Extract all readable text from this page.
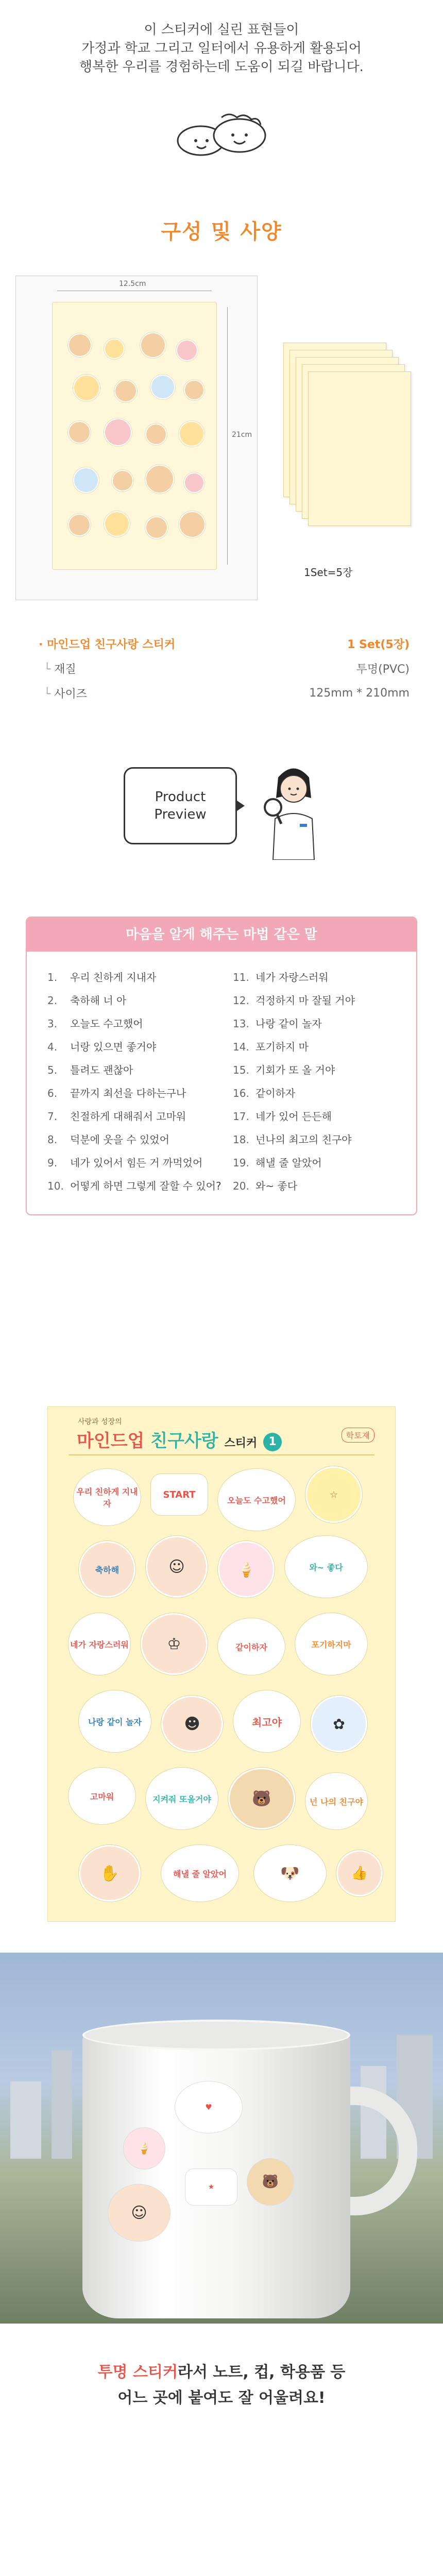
이 스티커에 실린 표현들이

가정과 학교 그리고 일터에서 유용하게 활용되어

행복한 우리를 경험하는데 도움이 되길 바랍니다.

구성 및 사양
12.5cm
21cm
1Set=5장
· 마인드업 친구사랑 스티커	1 Set(5장)
└ 재질	투명(PVC)
└ 사이즈	125mm * 210mm
Product
Preview
마음을 알게 해주는 마법 같은 말
1. 우리 친하게 지내자
2. 축하해 너 아
3. 오늘도 수고했어
4. 너랑 있으면 좋거야
5. 틀려도 괜찮아
6. 끝까지 최선을 다하는구나
7. 친절하게 대해줘서 고마워
8. 덕분에 웃을 수 있었어
9. 네가 있어서 힘든 거 까먹었어
10. 어떻게 하면 그렇게 잘할 수 있어?
11. 네가 자랑스러워
12. 걱정하지 마 잘될 거야
13. 나랑 같이 놀자
14. 포기하지 마
15. 기회가 또 올 거야
16. 같이하자
17. 네가 있어 든든해
18. 넌나의 최고의 친구야
19. 해낼 줄 알았어
20. 와~ 좋다
사랑과 성장의
마인드업 친구사랑 스티커 1	학토재
우리 친하게 지내자
START
오늘도 수고했어
☆
축하해	☺	🍦	와~ 좋다
네가 자랑스러워	♔	같이하자	포기하지마
나랑 같이 놀자	☻	최고야	✿
고마워	지켜줘 또올거야	🐻	넌 나의 친구야
✋	해낼 줄 알았어	🐶	👍
♥
🍦
☺
★	🐻
투명 스티커라서 노트, 컵, 학용품 등
어느 곳에 붙여도 잘 어울려요!
